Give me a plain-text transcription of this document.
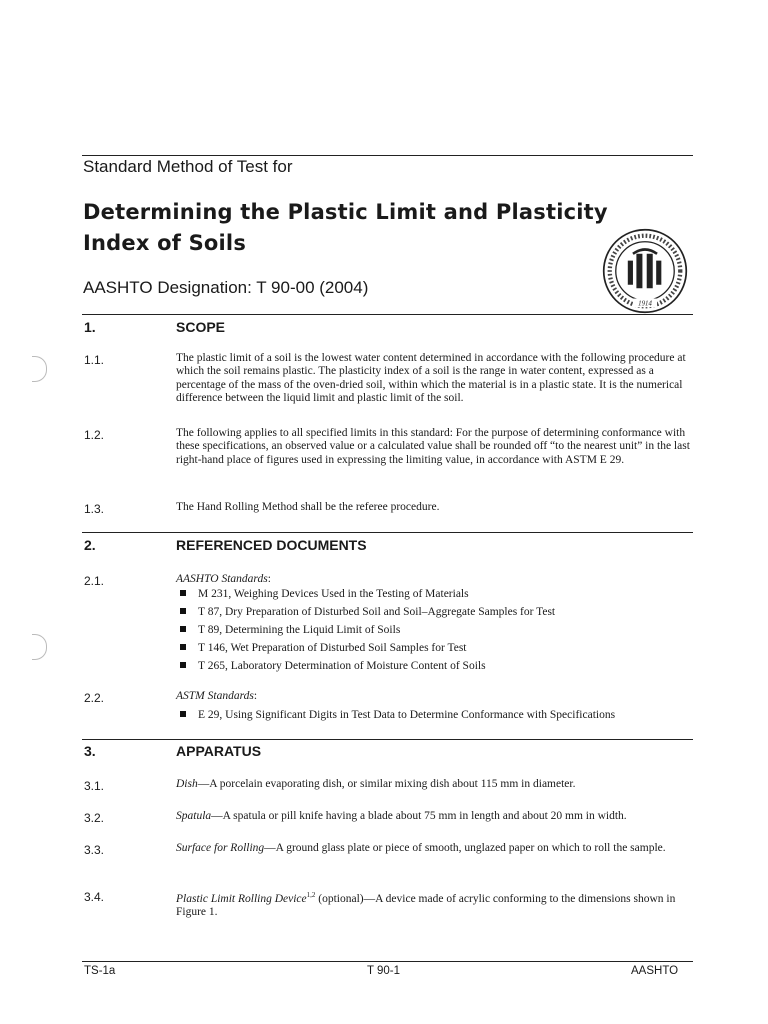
Standard Method of Test for
Determining the Plastic Limit and Plasticity
Index of Soils
AASHTO Designation: T 90-00 (2004)
1914
1.	SCOPE
1.1.	The plastic limit of a soil is the lowest water content determined in accordance with the following procedure at which the soil remains plastic. The plasticity index of a soil is the range in water content, expressed as a percentage of the mass of the oven-dried soil, within which the material is in a plastic state. It is the numerical difference between the liquid limit and plastic limit of the soil.
1.2.	The following applies to all specified limits in this standard: For the purpose of determining conformance with these specifications, an observed value or a calculated value shall be rounded off “to the nearest unit” in the last right-hand place of figures used in expressing the limiting value, in accordance with ASTM E 29.
1.3.	The Hand Rolling Method shall be the referee procedure.
2.	REFERENCED DOCUMENTS
2.1.	AASHTO Standards:
M 231, Weighing Devices Used in the Testing of Materials
T 87, Dry Preparation of Disturbed Soil and Soil–Aggregate Samples for Test
T 89, Determining the Liquid Limit of Soils
T 146, Wet Preparation of Disturbed Soil Samples for Test
T 265, Laboratory Determination of Moisture Content of Soils
2.2.	ASTM Standards:
E 29, Using Significant Digits in Test Data to Determine Conformance with Specifications
3.	APPARATUS
3.1.	Dish—A porcelain evaporating dish, or similar mixing dish about 115 mm in diameter.
3.2.	Spatula—A spatula or pill knife having a blade about 75 mm in length and about 20 mm in width.
3.3.	Surface for Rolling—A ground glass plate or piece of smooth, unglazed paper on which to roll the sample.
3.4.	Plastic Limit Rolling Device$^{1,2}$ (optional)—A device made of acrylic conforming to the dimensions shown in Figure 1.
TS-1a	T 90-1	AASHTO
